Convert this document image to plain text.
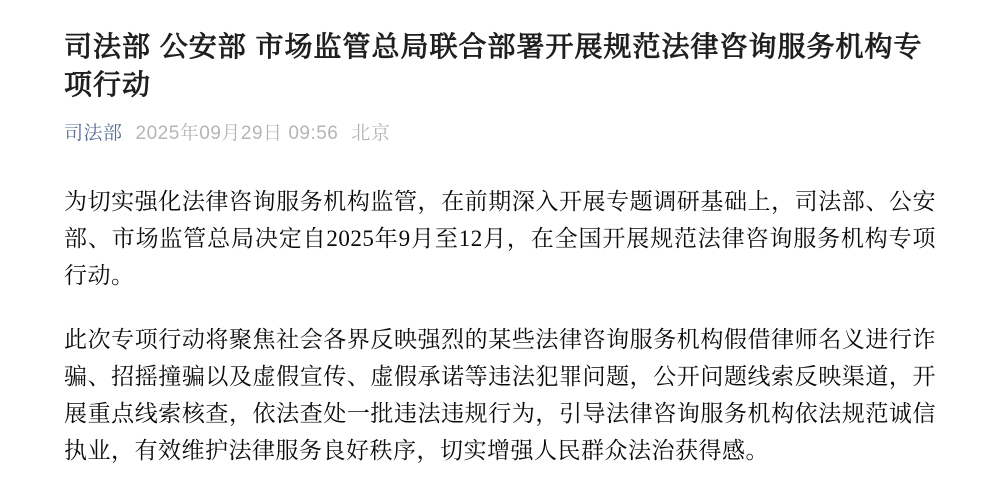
司法部 公安部 市场监管总局联合部署开展规范法律咨询服务机构专项行动
司法部 2025年09月29日 09:56 北京

为切实强化法律咨询服务机构监管，在前期深入开展专题调研基础上，司法部、公安部、市场监管总局决定自2025年9月至12月，在全国开展规范法律咨询服务机构专项行动。

此次专项行动将聚焦社会各界反映强烈的某些法律咨询服务机构假借律师名义进行诈骗、招摇撞骗以及虚假宣传、虚假承诺等违法犯罪问题，公开问题线索反映渠道，开展重点线索核查，依法查处一批违法违规行为，引导法律咨询服务机构依法规范诚信执业，有效维护法律服务良好秩序，切实增强人民群众法治获得感。
